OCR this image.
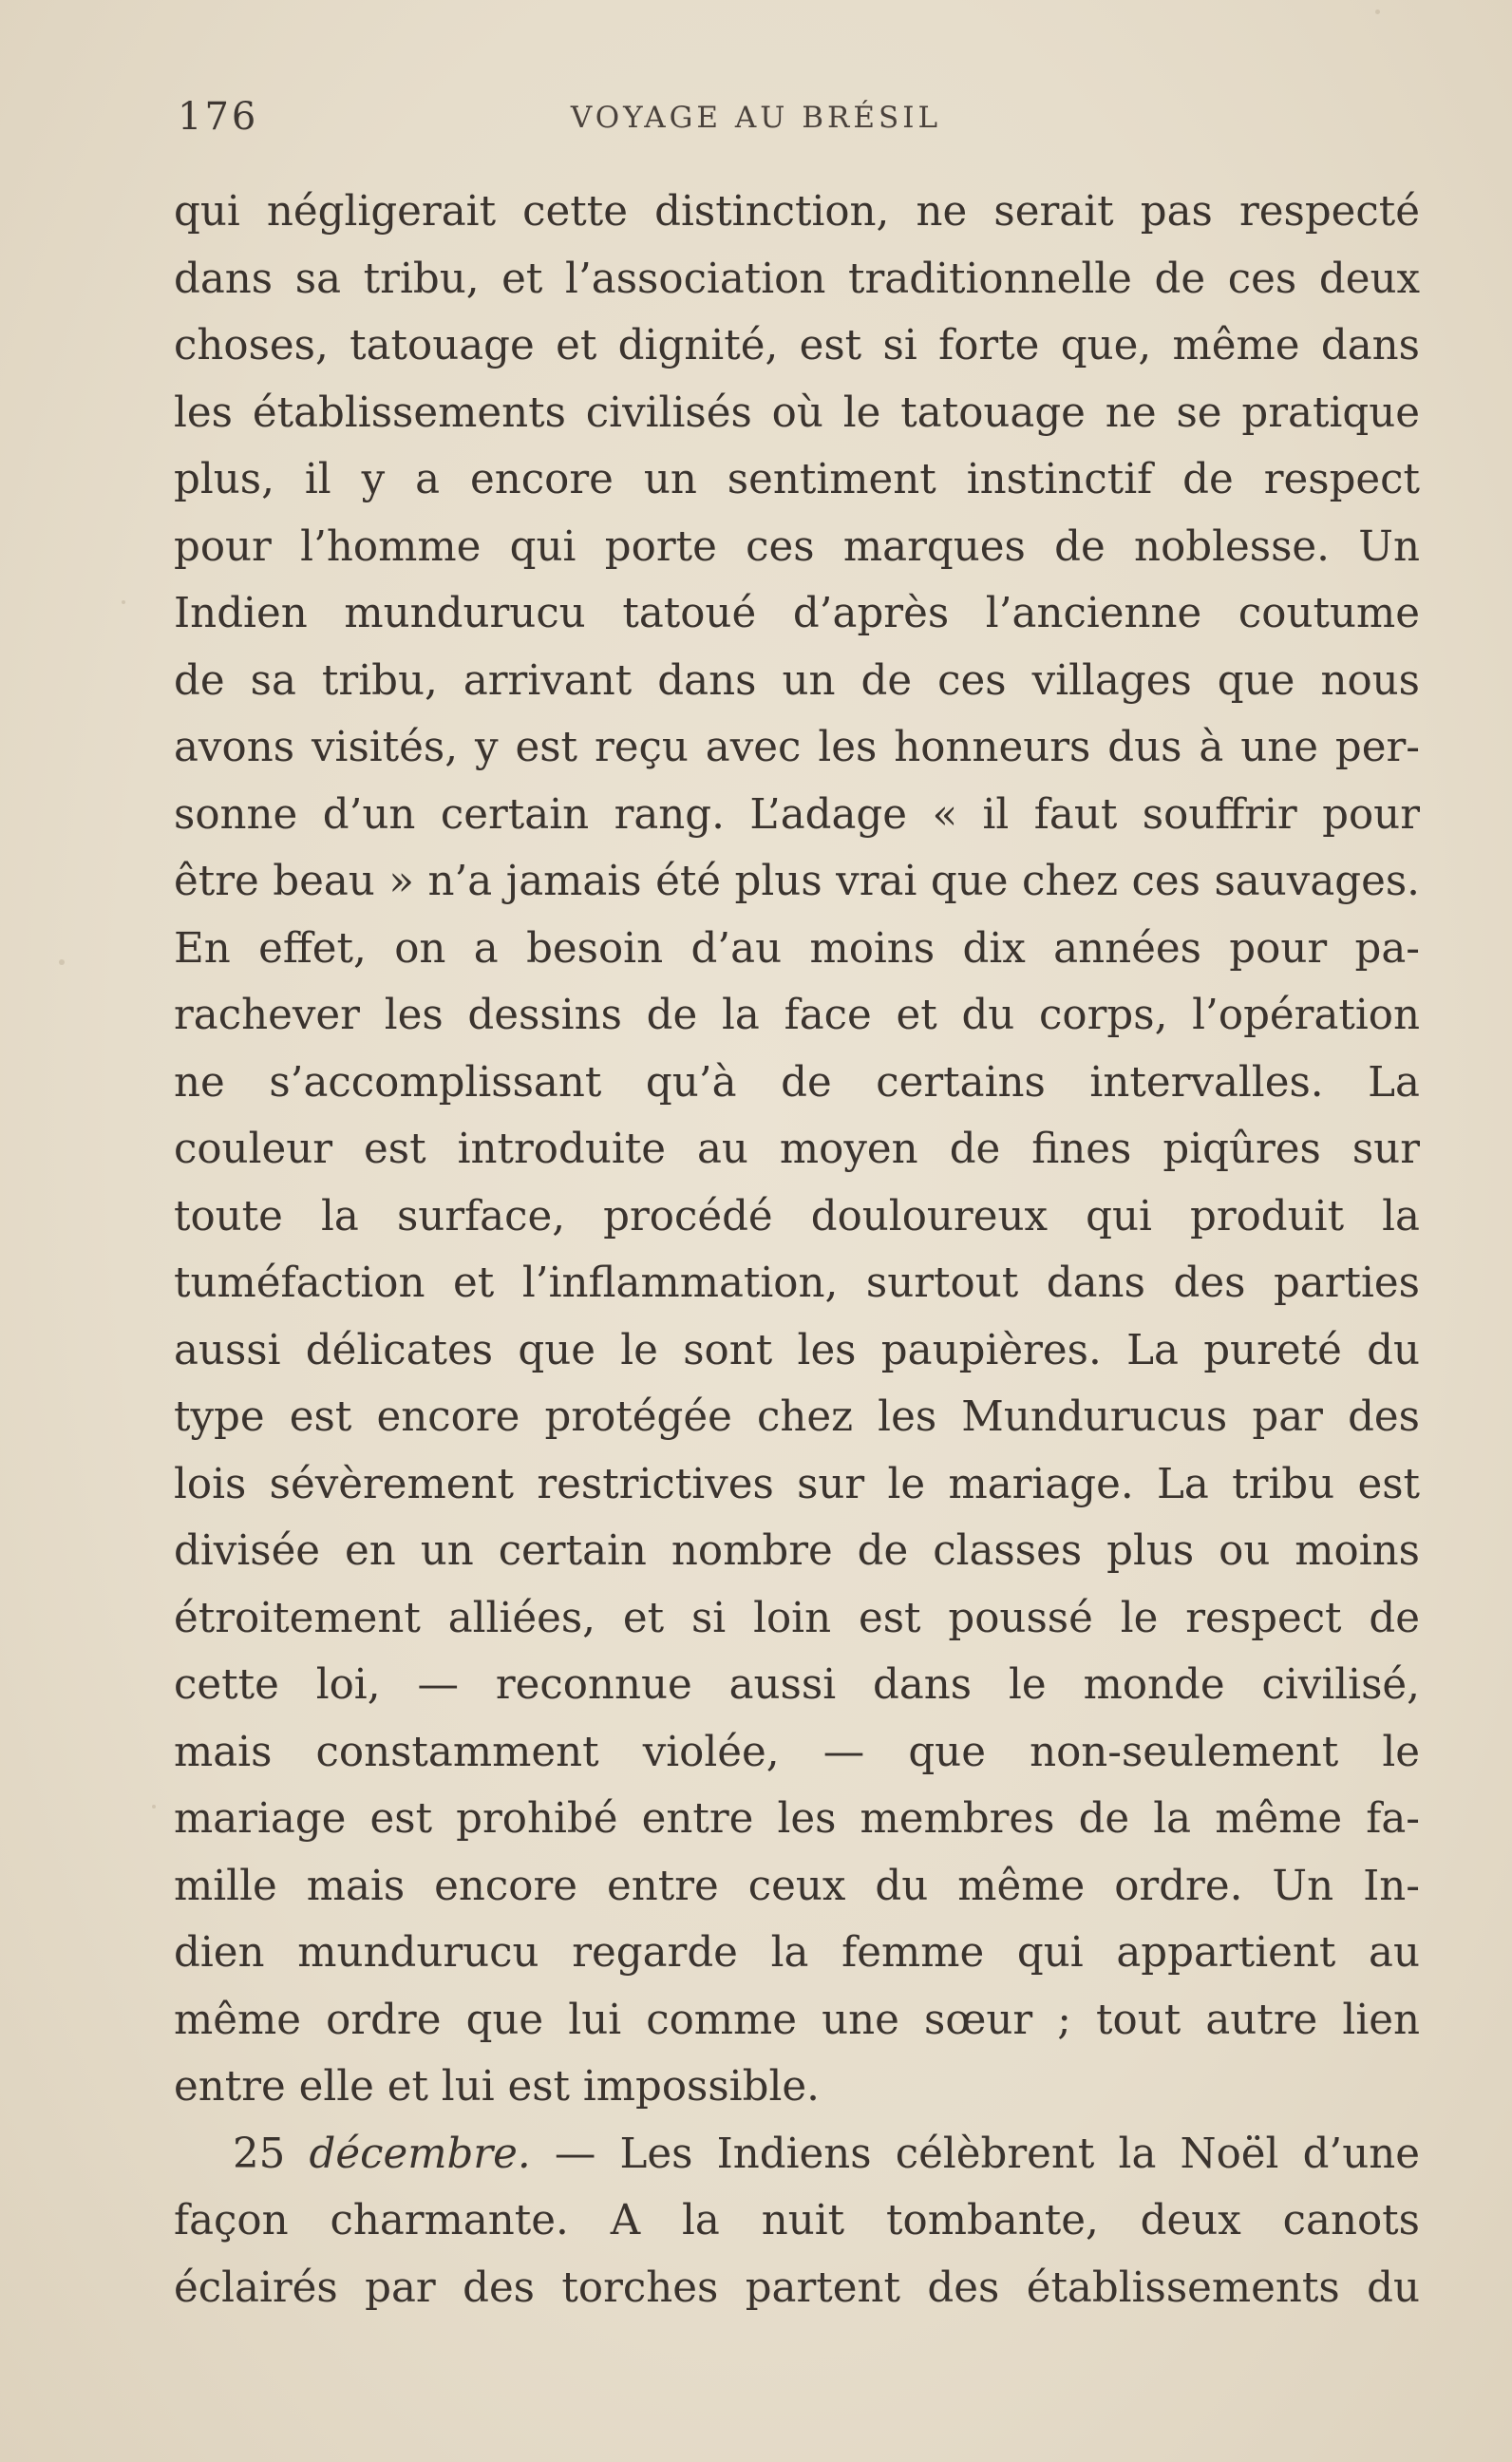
176	VOYAGE AU BRÉSIL
qui négligerait cette distinction, ne serait pas respecté
dans sa tribu, et l’association traditionnelle de ces deux
choses, tatouage et dignité, est si forte que, même dans
les établissements civilisés où le tatouage ne se pratique
plus, il y a encore un sentiment instinctif de respect
pour l’homme qui porte ces marques de noblesse. Un
Indien mundurucu tatoué d’après l’ancienne coutume
de sa tribu, arrivant dans un de ces villages que nous
avons visités, y est reçu avec les honneurs dus à une per-
sonne d’un certain rang. L’adage « il faut souffrir pour
être beau » n’a jamais été plus vrai que chez ces sauvages.
En effet, on a besoin d’au moins dix années pour pa-
rachever les dessins de la face et du corps, l’opération
ne s’accomplissant qu’à de certains intervalles. La
couleur est introduite au moyen de fines piqûres sur
toute la surface, procédé douloureux qui produit la
tuméfaction et l’inflammation, surtout dans des parties
aussi délicates que le sont les paupières. La pureté du
type est encore protégée chez les Mundurucus par des
lois sévèrement restrictives sur le mariage. La tribu est
divisée en un certain nombre de classes plus ou moins
étroitement alliées, et si loin est poussé le respect de
cette loi, — reconnue aussi dans le monde civilisé,
mais constamment violée, — que non-seulement le
mariage est prohibé entre les membres de la même fa-
mille mais encore entre ceux du même ordre. Un In-
dien mundurucu regarde la femme qui appartient au
même ordre que lui comme une sœur ; tout autre lien
entre elle et lui est impossible.
25 décembre. — Les Indiens célèbrent la Noël d’une
façon charmante. A la nuit tombante, deux canots
éclairés par des torches partent des établissements du
